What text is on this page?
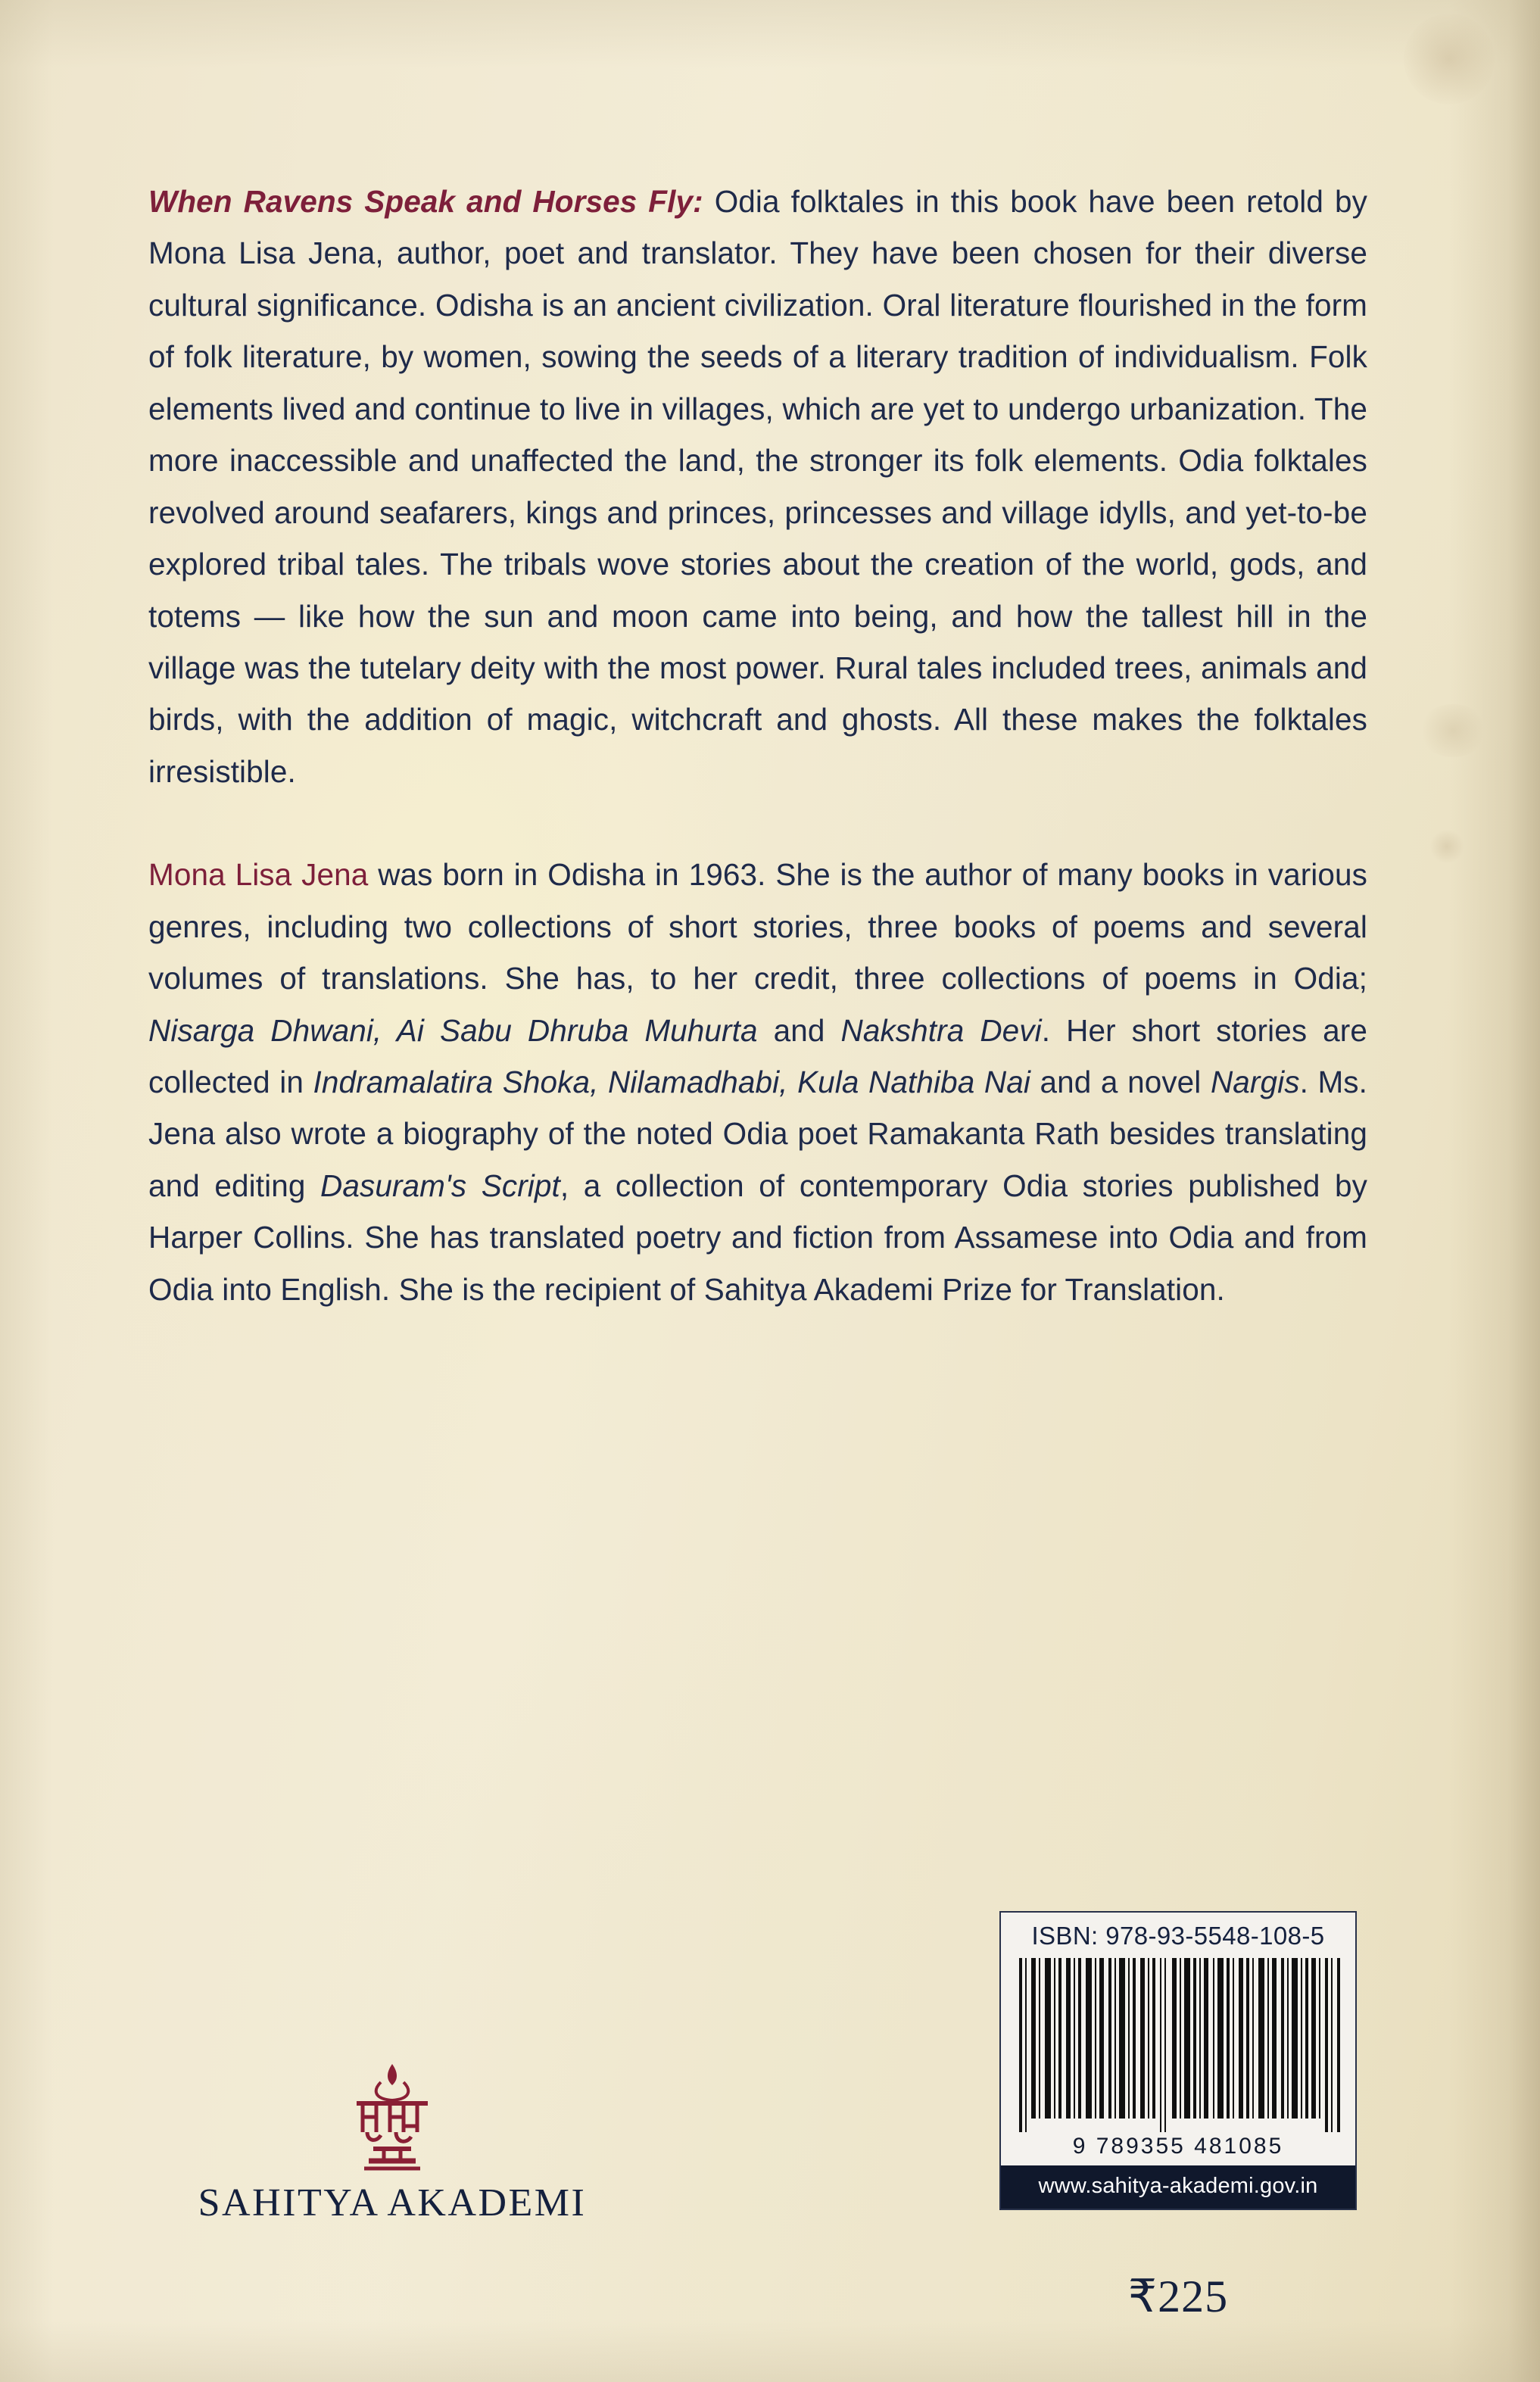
When Ravens Speak and Horses Fly: Odia folktales in this book have been retold by Mona Lisa Jena, author, poet and translator. They have been chosen for their diverse cultural significance. Odisha is an ancient civilization. Oral literature flourished in the form of folk literature, by women, sowing the seeds of a literary tradition of individualism. Folk elements lived and continue to live in villages, which are yet to undergo urbanization. The more inaccessible and unaffected the land, the stronger its folk elements. Odia folktales revolved around seafarers, kings and princes, princesses and village idylls, and yet-to-be explored tribal tales. The tribals wove stories about the creation of the world, gods, and totems — like how the sun and moon came into being, and how the tallest hill in the village was the tutelary deity with the most power. Rural tales included trees, animals and birds, with the addition of magic, witchcraft and ghosts. All these makes the folktales irresistible.

Mona Lisa Jena was born in Odisha in 1963. She is the author of many books in various genres, including two collections of short stories, three books of poems and several volumes of translations. She has, to her credit, three collections of poems in Odia; Nisarga Dhwani, Ai Sabu Dhruba Muhurta and Nakshtra Devi. Her short stories are collected in Indramalatira Shoka, Nilamadhabi, Kula Nathiba Nai and a novel Nargis. Ms. Jena also wrote a biography of the noted Odia poet Ramakanta Rath besides translating and editing Dasuram's Script, a collection of contemporary Odia stories published by Harper Collins. She has translated poetry and fiction from Assamese into Odia and from Odia into English. She is the recipient of Sahitya Akademi Prize for Translation.

SAHITYA AKADEMI
ISBN: 978-93-5548-108-5
9 789355 481085
www.sahitya-akademi.gov.in
₹225
